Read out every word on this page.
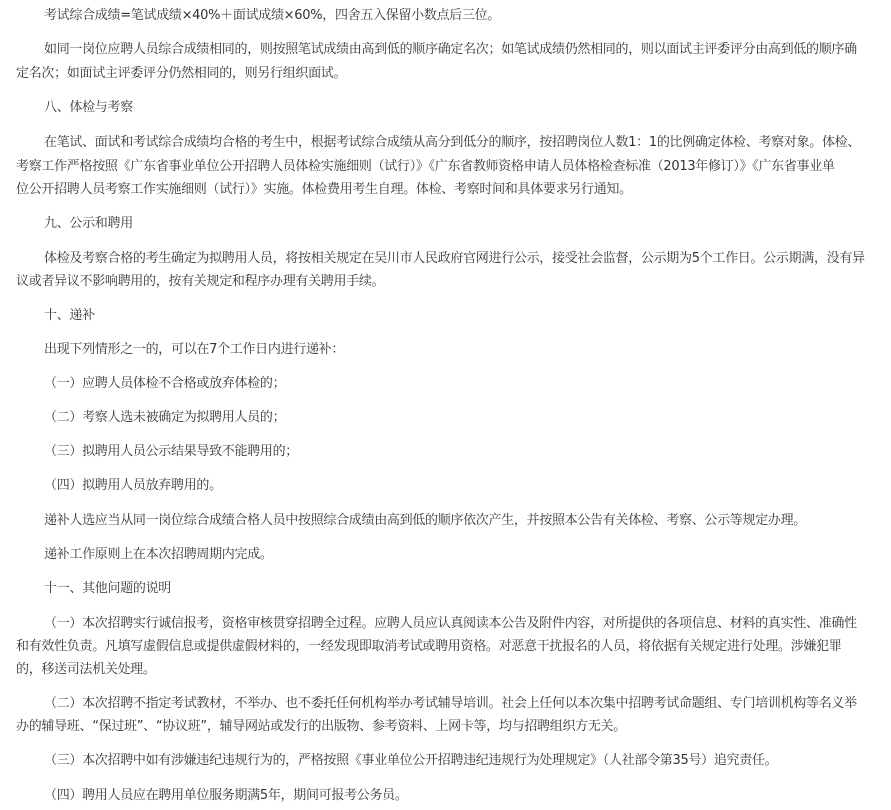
考试综合成绩=笔试成绩×40%＋面试成绩×60%，四舍五入保留小数点后三位。

如同一岗位应聘人员综合成绩相同的，则按照笔试成绩由高到低的顺序确定名次；如笔试成绩仍然相同的，则以面试主评委评分由高到低的顺序确

定名次；如面试主评委评分仍然相同的，则另行组织面试。

八、体检与考察

在笔试、面试和考试综合成绩均合格的考生中，根据考试综合成绩从高分到低分的顺序，按招聘岗位人数1：1的比例确定体检、考察对象。体检、

考察工作严格按照《广东省事业单位公开招聘人员体检实施细则（试行）》《广东省教师资格申请人员体格检查标准（2013年修订）》《广东省事业单

位公开招聘人员考察工作实施细则（试行）》实施。体检费用考生自理。体检、考察时间和具体要求另行通知。

九、公示和聘用

体检及考察合格的考生确定为拟聘用人员，将按相关规定在吴川市人民政府官网进行公示，接受社会监督，公示期为5个工作日。公示期满，没有异

议或者异议不影响聘用的，按有关规定和程序办理有关聘用手续。

十、递补

出现下列情形之一的，可以在7个工作日内进行递补：

（一）应聘人员体检不合格或放弃体检的；

（二）考察人选未被确定为拟聘用人员的；

（三）拟聘用人员公示结果导致不能聘用的；

（四）拟聘用人员放弃聘用的。

递补人选应当从同一岗位综合成绩合格人员中按照综合成绩由高到低的顺序依次产生，并按照本公告有关体检、考察、公示等规定办理。

递补工作原则上在本次招聘周期内完成。

十一、其他问题的说明

（一）本次招聘实行诚信报考，资格审核贯穿招聘全过程。应聘人员应认真阅读本公告及附件内容，对所提供的各项信息、材料的真实性、准确性

和有效性负责。凡填写虚假信息或提供虚假材料的，一经发现即取消考试或聘用资格。对恶意干扰报名的人员，将依据有关规定进行处理。涉嫌犯罪

的，移送司法机关处理。

（二）本次招聘不指定考试教材，不举办、也不委托任何机构举办考试辅导培训。社会上任何以本次集中招聘考试命题组、专门培训机构等名义举

办的辅导班、“保过班”、“协议班”，辅导网站或发行的出版物、参考资料、上网卡等，均与招聘组织方无关。

（三）本次招聘中如有涉嫌违纪违规行为的，严格按照《事业单位公开招聘违纪违规行为处理规定》（人社部令第35号）追究责任。

（四）聘用人员应在聘用单位服务期满5年，期间可报考公务员。
